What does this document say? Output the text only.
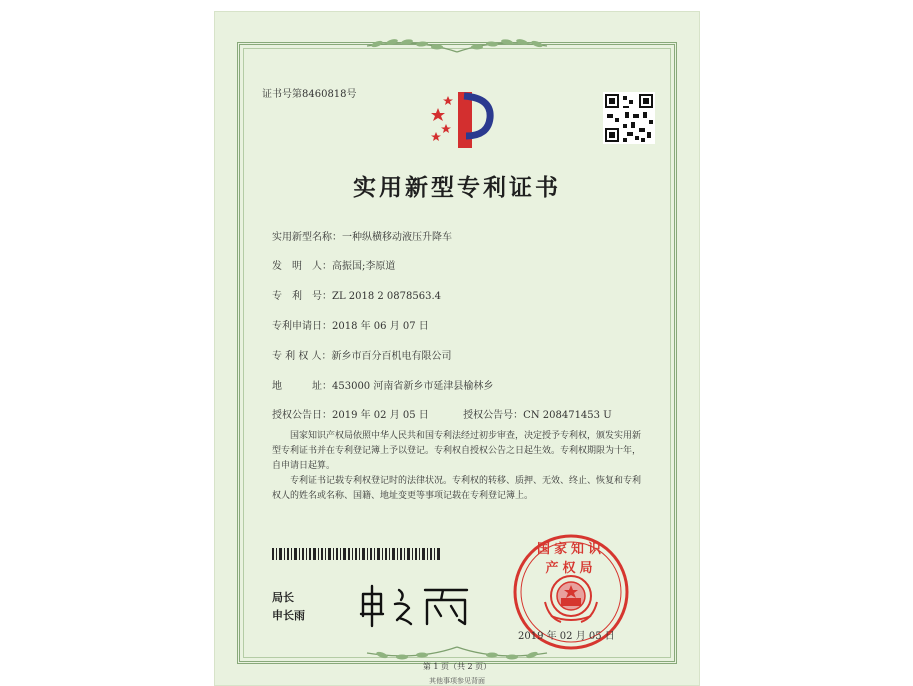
证书号第8460818号
实用新型专利证书
实用新型名称：一种纵横移动液压升降车
发　明　人：高振国;李原道
专　利　号：ZL 2018 2 0878563.4
专利申请日：2018 年 06 月 07 日
专 利 权 人：新乡市百分百机电有限公司
地　　　址：453000 河南省新乡市延津县榆林乡
授权公告日：2019 年 02 月 05 日	授权公告号：CN 208471453 U
国家知识产权局依照中华人民共和国专利法经过初步审查，决定授予专利权，颁发实用新型专利证书并在专利登记簿上予以登记。专利权自授权公告之日起生效。专利权期限为十年，自申请日起算。
专利证书记载专利权登记时的法律状况。专利权的转移、质押、无效、终止、恢复和专利权人的姓名或名称、国籍、地址变更等事项记载在专利登记簿上。
局长
申长雨
国家知识产权局
2019 年 02 月 05 日
第 1 页（共 2 页）
其他事项参见背面
